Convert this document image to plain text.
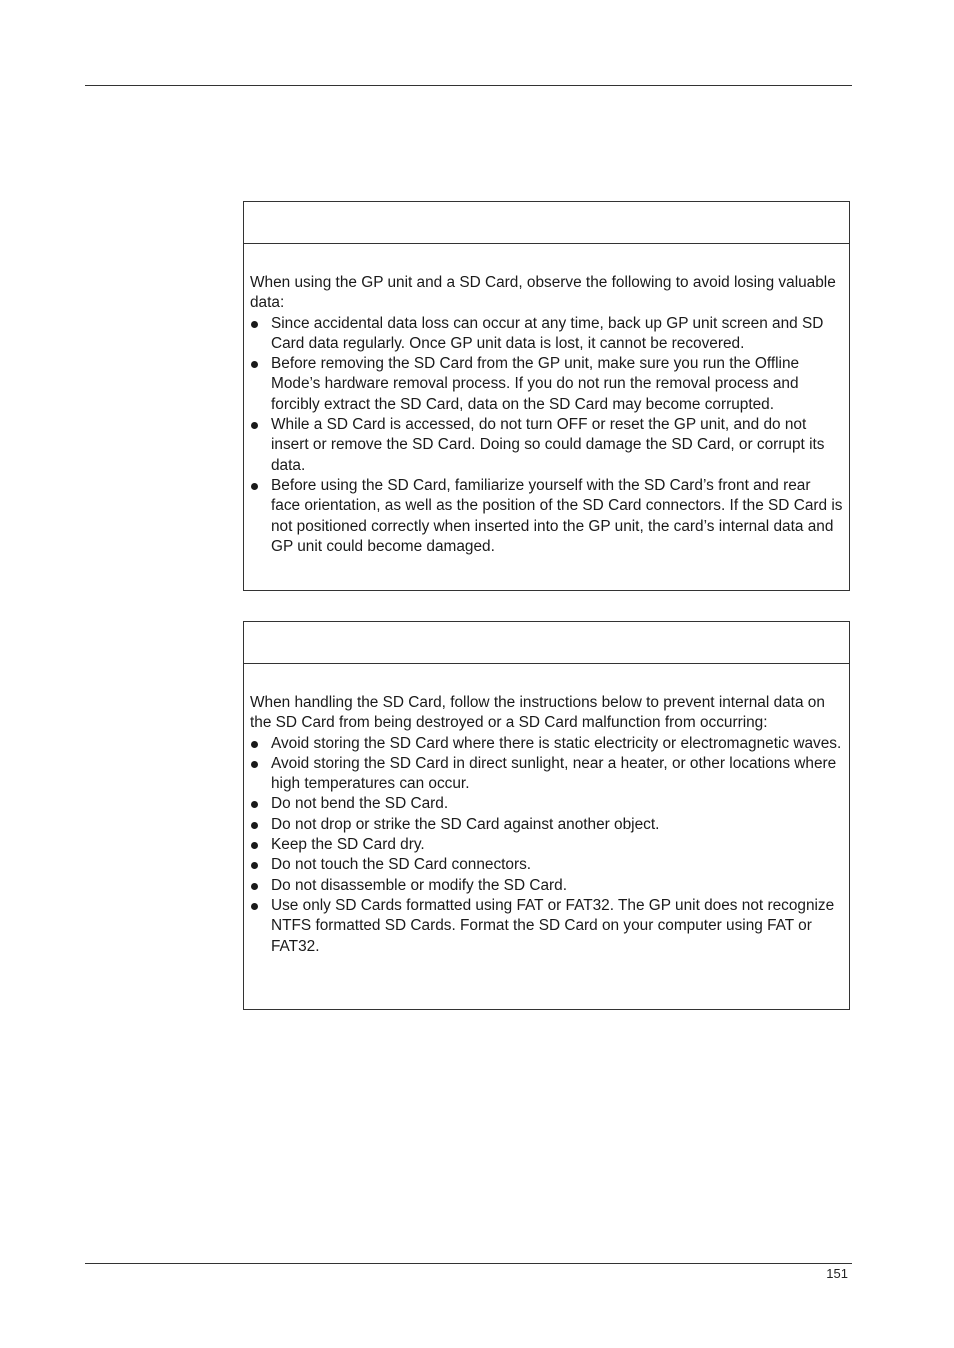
When using the GP unit and a SD Card, observe the following to avoid losing valuable data:

Since accidental data loss can occur at any time, back up GP unit screen and SD Card data regularly. Once GP unit data is lost, it cannot be recovered.
Before removing the SD Card from the GP unit, make sure you run the Offline Mode’s hardware removal process. If you do not run the removal process and forcibly extract the SD Card, data on the SD Card may become corrupted.
While a SD Card is accessed, do not turn OFF or reset the GP unit, and do not insert or remove the SD Card. Doing so could damage the SD Card, or corrupt its data.
Before using the SD Card, familiarize yourself with the SD Card’s front and rear face orientation, as well as the position of the SD Card connectors. If the SD Card is not positioned correctly when inserted into the GP unit, the card’s internal data and GP unit could become damaged.

When handling the SD Card, follow the instructions below to prevent internal data on the SD Card from being destroyed or a SD Card malfunction from occurring:

Avoid storing the SD Card where there is static electricity or electromagnetic waves.
Avoid storing the SD Card in direct sunlight, near a heater, or other locations where high temperatures can occur.
Do not bend the SD Card.
Do not drop or strike the SD Card against another object.
Keep the SD Card dry.
Do not touch the SD Card connectors.
Do not disassemble or modify the SD Card.
Use only SD Cards formatted using FAT or FAT32. The GP unit does not recognize NTFS formatted SD Cards. Format the SD Card on your computer using FAT or FAT32.
151
